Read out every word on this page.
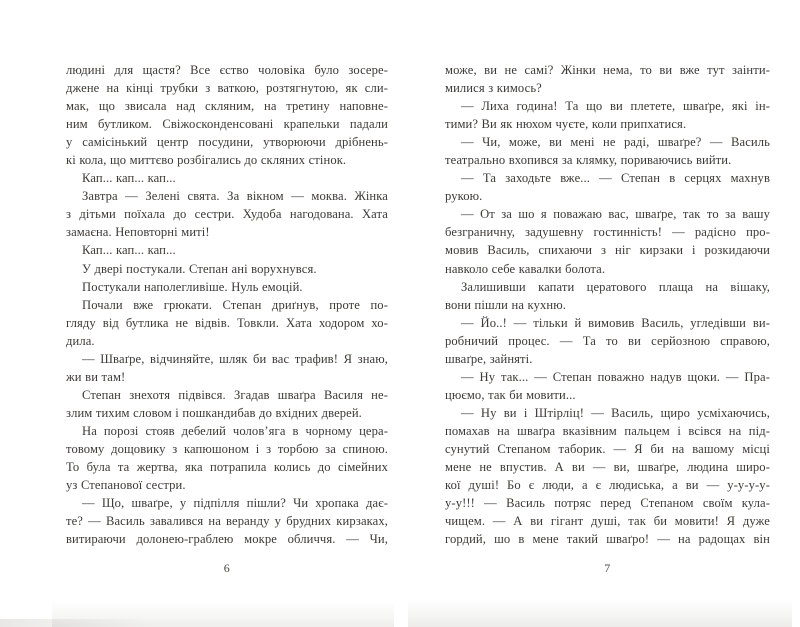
людині для щастя? Все єство чоловіка було зосере-
джене на кінці трубки з ваткою, розтягнутою, як сли-
мак, що звисала над скляним, на третину наповне-
ним бутликом. Свіжосконденсовані крапельки падали
у самісінький центр посудини, утворюючи дрібнень-
кі кола, що миттєво розбігались до скляних стінок.
Кап... кап... кап...
Завтра — Зелені свята. За вікном — моква. Жінка
з дітьми поїхала до сестри. Худоба нагодована. Хата
замаєна. Неповторні миті!
Кап... кап... кап...
У двері постукали. Степан ані ворухнувся.
Постукали наполегливіше. Нуль емоцій.
Почали вже грюкати. Степан дриґнув, проте по-
гляду від бутлика не відвів. Товкли. Хата ходором хо-
дила.
— Шваґре, відчиняйте, шляк би вас трафив! Я знаю,
жи ви там!
Степан знехотя підвівся. Згадав шваґра Василя не-
злим тихим словом і пошкандибав до вхідних дверей.
На порозі стояв дебелий чолов’яга в чорному цера-
товому дощовику з капюшоном і з торбою за спиною.
То була та жертва, яка потрапила колись до сімейних
уз Степанової сестри.
— Що, шваґре, у підпілля пішли? Чи хропака дає-
те? — Василь завалився на веранду у брудних кирзаках,
витираючи долонею-граблею мокре обличчя. — Чи,
6
може, ви не самі? Жінки нема, то ви вже тут заінти-
милися з кимось?
— Лиха година! Та що ви плетете, шваґре, які ін-
тими? Ви як нюхом чуєте, коли припхатися.
— Чи, може, ви мені не раді, шваґре? — Василь
театрально вхопився за клямку, пориваючись вийти.
— Та заходьте вже... — Степан в серцях махнув
рукою.
— От за шо я поважаю вас, шваґре, так то за вашу
безграничну, задушевну гостинність! — радісно про-
мовив Василь, спихаючи з ніг кирзаки і розкидаючи
навколо себе кавалки болота.
Залишивши капати цератового плаща на вішаку,
вони пішли на кухню.
— Йо..! — тільки й вимовив Василь, угледівши ви-
робничий процес. — Та то ви серйозною справою,
шваґре, зайняті.
— Ну так... — Степан поважно надув щоки. — Пра-
цюємо, так би мовити...
— Ну ви і Штірліц! — Василь, щиро усміхаючись,
помахав на шваґра вказівним пальцем і всівся на під-
сунутий Степаном таборик. — Я би на вашому місці
мене не впустив. А ви — ви, шваґре, людина широ-
кої душі! Бо є люди, а є людиська, а ви — у-у-у-у-
у-у!!! — Василь потряс перед Степаном своїм кула-
чищем. — А ви гігант душі, так би мовити! Я дуже
гордий, шо в мене такий шваґро! — на радощах він
7
